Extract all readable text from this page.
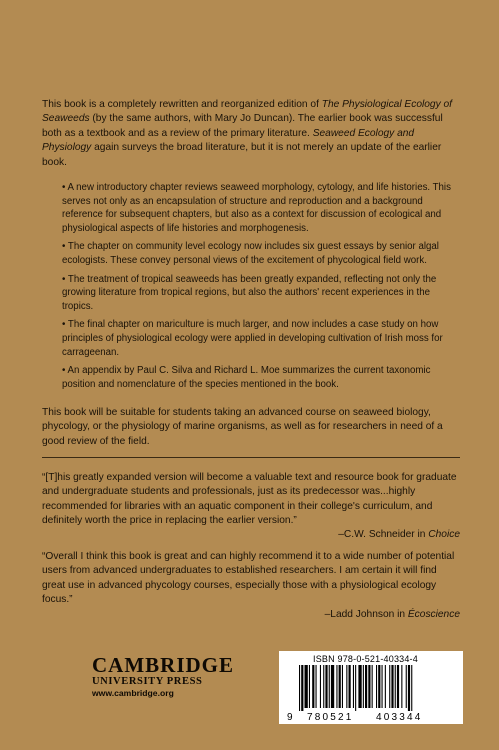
This book is a completely rewritten and reorganized edition of The Physiological Ecology of Seaweeds (by the same authors, with Mary Jo Duncan). The earlier book was successful both as a textbook and as a review of the primary literature. Seaweed Ecology and Physiology again surveys the broad literature, but it is not merely an update of the earlier book.
• A new introductory chapter reviews seaweed morphology, cytology, and life histories. This serves not only as an encapsulation of structure and reproduction and a background reference for subsequent chapters, but also as a context for discussion of ecological and physiological aspects of life histories and morphogenesis.
• The chapter on community level ecology now includes six guest essays by senior algal ecologists. These convey personal views of the excitement of phycological field work.
• The treatment of tropical seaweeds has been greatly expanded, reflecting not only the growing literature from tropical regions, but also the authors' recent experiences in the tropics.
• The final chapter on mariculture is much larger, and now includes a case study on how principles of physiological ecology were applied in developing cultivation of Irish moss for carrageenan.
• An appendix by Paul C. Silva and Richard L. Moe summarizes the current taxonomic position and nomenclature of the species mentioned in the book.
This book will be suitable for students taking an advanced course on seaweed biology, phycology, or the physiology of marine organisms, as well as for researchers in need of a good review of the field.
“[T]his greatly expanded version will become a valuable text and resource book for graduate and undergraduate students and professionals, just as its predecessor was...highly recommended for libraries with an aquatic component in their college's curriculum, and definitely worth the price in replacing the earlier version.”
–C.W. Schneider in Choice
“Overall I think this book is great and can highly recommend it to a wide number of potential users from advanced undergraduates to established researchers. I am certain it will find great use in advanced phycology courses, especially those with a physiological ecology focus.”
–Ladd Johnson in Écoscience
CAMBRIDGE
UNIVERSITY PRESS
www.cambridge.org
ISBN 978-0-521-40334-4
9 780521 403344
